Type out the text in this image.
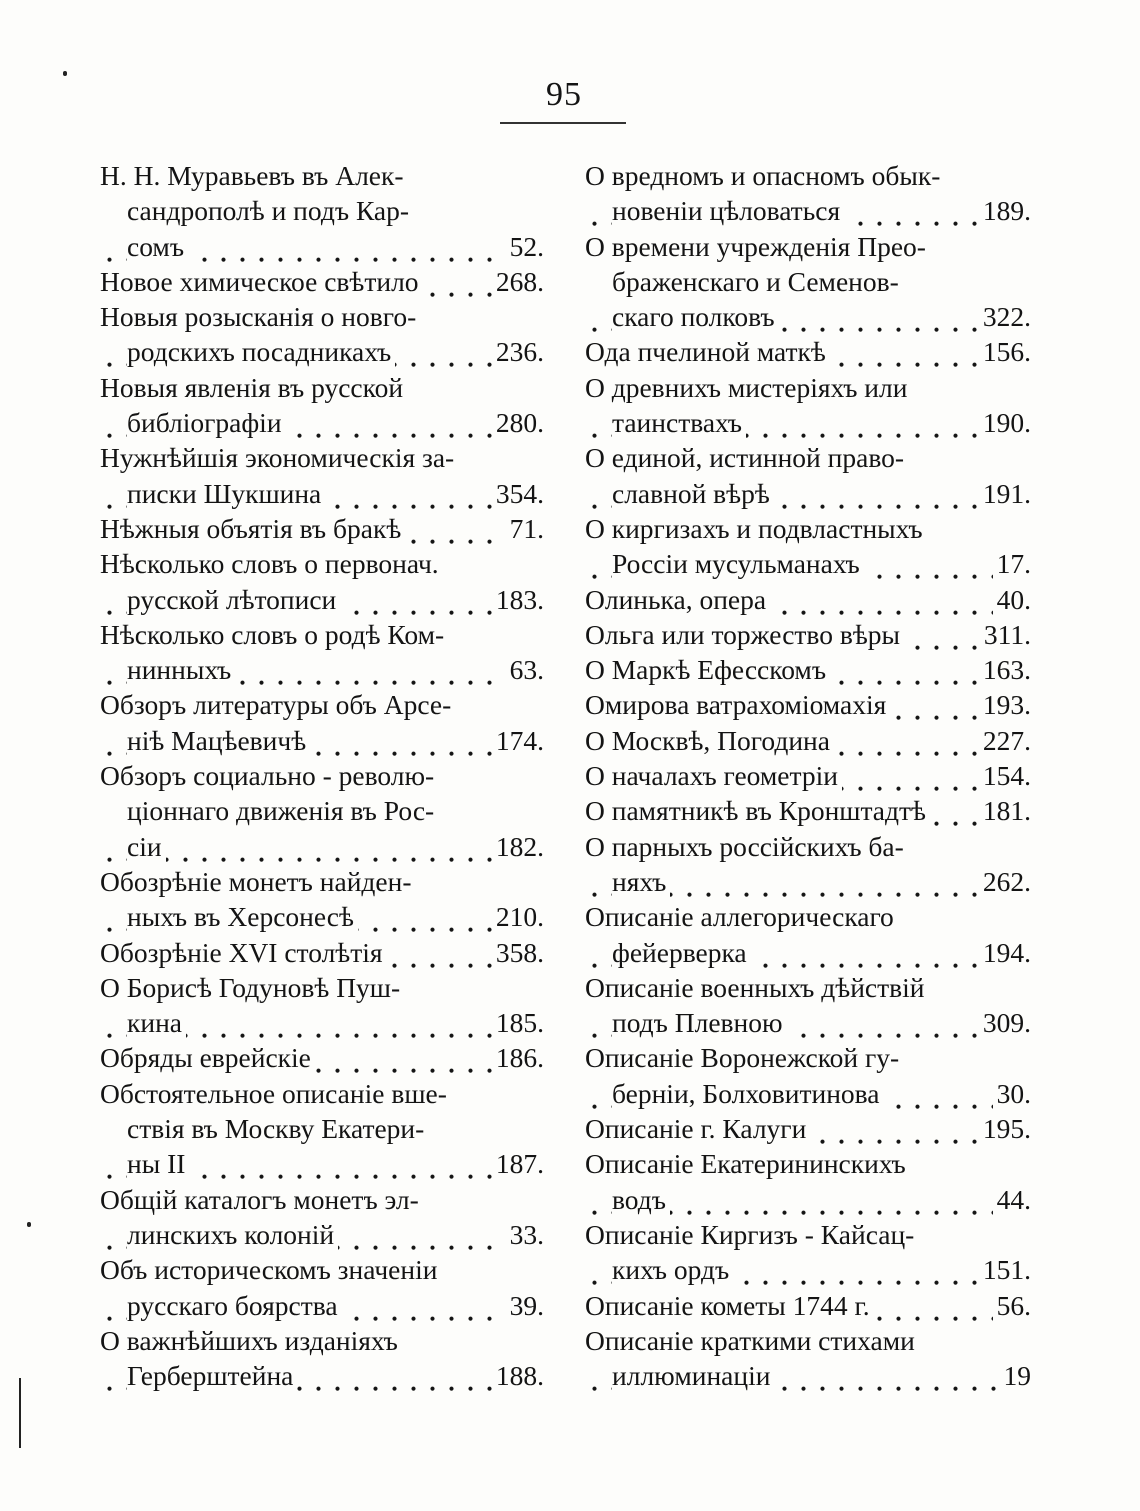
95
Н. Н. Муравьевъ въ Алек-
сандрополѣ и подъ Кар-
сомъ	52.
Новое химическое свѣтило	268.
Новыя розысканія о новго-
родскихъ посадникахъ	236.
Новыя явленія въ русской
библіографіи	280.
Нужнѣйшія экономическія за-
писки Шукшина	354.
Нѣжныя объятія въ бракѣ	71.
Нѣсколько словъ о первонач.
русской лѣтописи	183.
Нѣсколько словъ о родѣ Ком-
нинныхъ	63.
Обзоръ литературы объ Арсе-
ніѣ Мацѣевичѣ	174.
Обзоръ социально - револю-
ціоннаго движенія въ Рос-
сіи	182.
Обозрѣніе монетъ найден-
ныхъ въ Херсонесѣ	210.
Обозрѣніе XVI столѣтія	358.
О Борисѣ Годуновѣ Пуш-
кина	185.
Обряды еврейскіе	186.
Обстоятельное описаніе вше-
ствія въ Москву Екатери-
ны II	187.
Общій каталогъ монетъ эл-
линскихъ колоній	33.
Объ историческомъ значеніи
русскаго боярства	39.
О важнѣйшихъ изданіяхъ
Герберштейна	188.
О вредномъ и опасномъ обык-
новеніи цѣловаться	189.
О времени учрежденія Прео-
браженскаго и Семенов-
скаго полковъ	322.
Ода пчелиной маткѣ	156.
О древнихъ мистеріяхъ или
таинствахъ	190.
О единой, истинной право-
славной вѣрѣ	191.
О киргизахъ и подвластныхъ
Россіи мусульманахъ	17.
Олинька, опера	40.
Ольга или торжество вѣры	311.
О Маркѣ Ефесскомъ	163.
Омирова ватрахоміомахія	193.
О Москвѣ, Погодина	227.
О началахъ геометріи	154.
О памятникѣ въ Кронштадтѣ 181.
О парныхъ россійскихъ ба-
няхъ	262.
Описаніе аллегорическаго
фейерверка	194.
Описаніе военныхъ дѣйствій
подъ Плевною	309.
Описаніе Воронежской гу-
берніи, Болховитинова	30.
Описаніе г. Калуги	195.
Описаніе Екатерининскихъ
водъ	44.
Описаніе Киргизъ - Кайсац-
кихъ ордъ	151.
Описаніе кометы 1744 г.	56.
Описаніе краткими стихами
иллюминаціи	19
